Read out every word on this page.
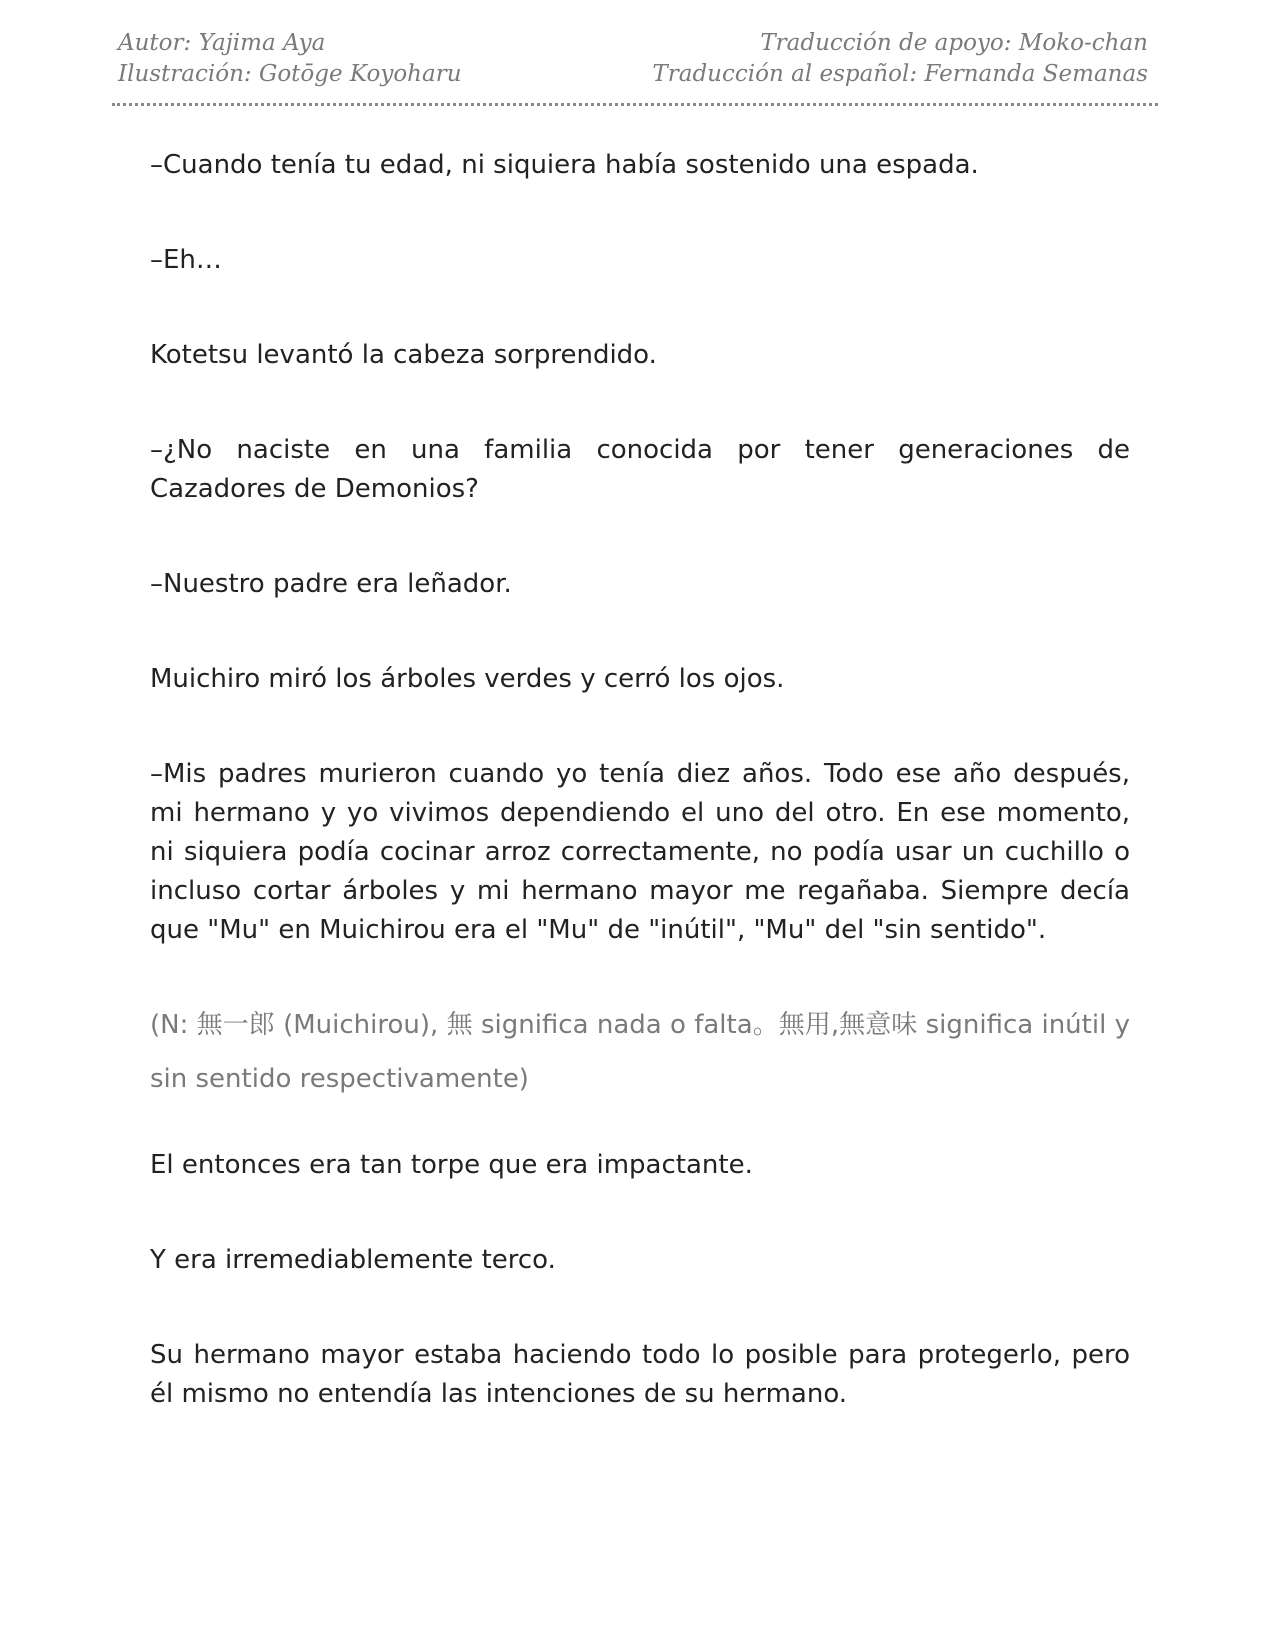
Autor: Yajima Aya
Ilustración: Gotōge Koyoharu
Traducción de apoyo: Moko-chan
Traducción al español: Fernanda Semanas

–Cuando tenía tu edad, ni siquiera había sostenido una espada.

–Eh…

Kotetsu levantó la cabeza sorprendido.

–¿No naciste en una familia conocida por tener generaciones de Cazadores de Demonios?

–Nuestro padre era leñador.

Muichiro miró los árboles verdes y cerró los ojos.

–Mis padres murieron cuando yo tenía diez años. Todo ese año después, mi hermano y yo vivimos dependiendo el uno del otro. En ese momento, ni siquiera podía cocinar arroz correctamente, no podía usar un cuchillo o incluso cortar árboles y mi hermano mayor me regañaba. Siempre decía que "Mu" en Muichirou era el "Mu" de "inútil", "Mu" del "sin sentido".

(N: 無一郎 (Muichirou), 無 significa nada o falta。無用,無意味 significa inútil y sin sentido respectivamente)

El entonces era tan torpe que era impactante.

Y era irremediablemente terco.

Su hermano mayor estaba haciendo todo lo posible para protegerlo, pero él mismo no entendía las intenciones de su hermano.
